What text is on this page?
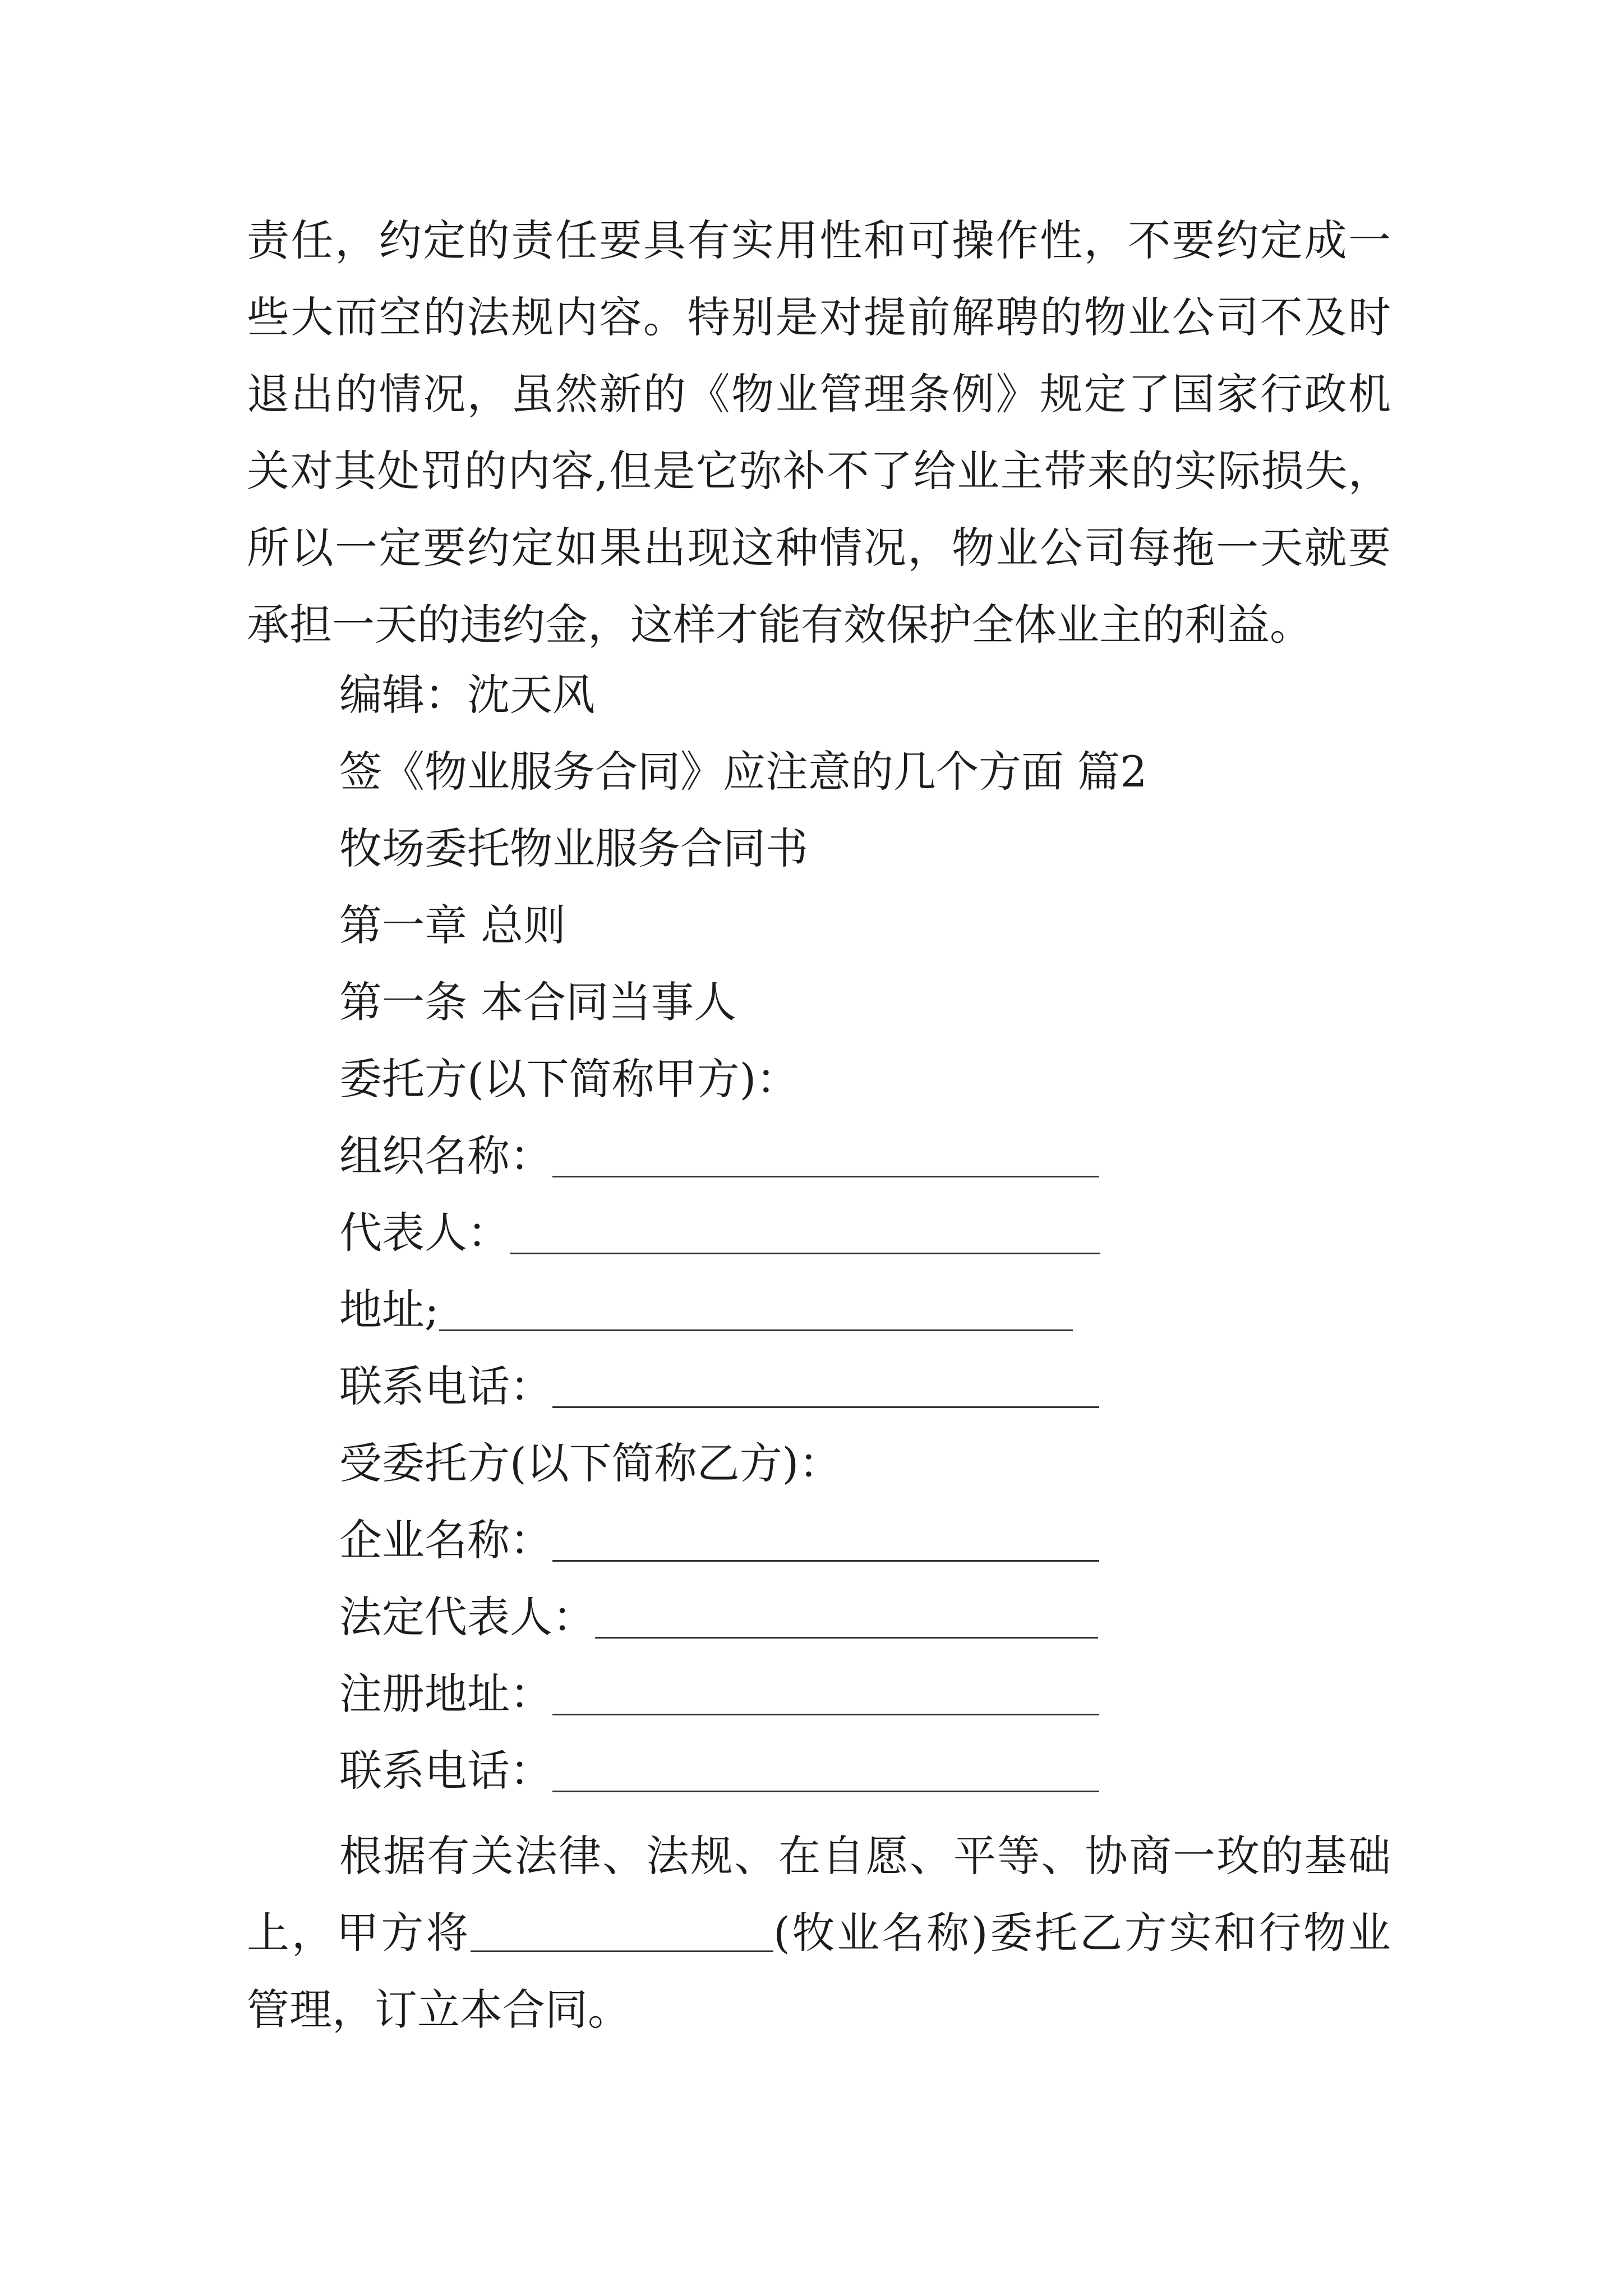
责任，约定的责任要具有实用性和可操作性，不要约定成一些大而空的法规内容。特别是对提前解聘的物业公司不及时退出的情况，虽然新的《物业管理条例》规定了国家行政机关对其处罚的内容,但是它弥补不了给业主带来的实际损失，所以一定要约定如果出现这种情况，物业公司每拖一天就要承担一天的违约金，这样才能有效保护全体业主的利益。
编辑：沈天风
签《物业服务合同》应注意的几个方面 篇2
牧场委托物业服务合同书
第一章 总则
第一条 本合同当事人
委托方(以下简称甲方)：
组织名称：
代表人：
地址;
联系电话：
受委托方(以下简称乙方)：
企业名称：
法定代表人：
注册地址：
联系电话：
根据有关法律、法规、在自愿、平等、协商一玫的基础上，甲方将	(牧业名称)委托乙方实和行物业管理，订立本合同。
